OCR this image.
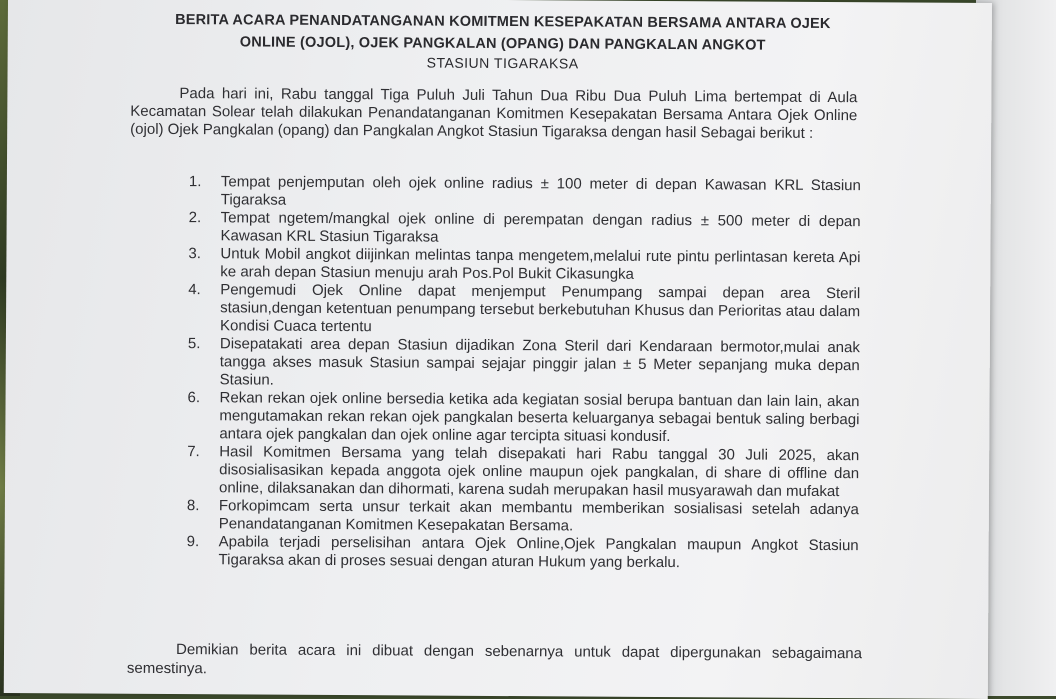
BERITA ACARA PENANDATANGANAN KOMITMEN KESEPAKATAN BERSAMA ANTARA OJEK
ONLINE (OJOL), OJEK PANGKALAN (OPANG) DAN PANGKALAN ANGKOT
STASIUN TIGARAKSA
Pada hari ini, Rabu tanggal Tiga Puluh Juli Tahun Dua Ribu Dua Puluh Lima bertempat di Aula Kecamatan Solear telah dilakukan Penandatanganan Komitmen Kesepakatan Bersama Antara Ojek Online (ojol) Ojek Pangkalan (opang) dan Pangkalan Angkot Stasiun Tigaraksa dengan hasil Sebagai berikut :
1. Tempat penjemputan oleh ojek online radius ± 100 meter di depan Kawasan KRL Stasiun Tigaraksa
2. Tempat ngetem/mangkal ojek online di perempatan dengan radius ± 500 meter di depan Kawasan KRL Stasiun Tigaraksa
3. Untuk Mobil angkot diijinkan melintas tanpa mengetem,melalui rute pintu perlintasan kereta Api ke arah depan Stasiun menuju arah Pos.Pol Bukit Cikasungka
4. Pengemudi Ojek Online dapat menjemput Penumpang sampai depan area Steril stasiun,dengan ketentuan penumpang tersebut berkebutuhan Khusus dan Perioritas atau dalam Kondisi Cuaca tertentu
5. Disepatakati area depan Stasiun dijadikan Zona Steril dari Kendaraan bermotor,mulai anak tangga akses masuk Stasiun sampai sejajar pinggir jalan ± 5 Meter sepanjang muka depan Stasiun.
6. Rekan rekan ojek online bersedia ketika ada kegiatan sosial berupa bantuan dan lain lain, akan mengutamakan rekan rekan ojek pangkalan beserta keluarganya sebagai bentuk saling berbagi antara ojek pangkalan dan ojek online agar tercipta situasi kondusif.
7. Hasil Komitmen Bersama yang telah disepakati hari Rabu tanggal 30 Juli 2025, akan disosialisasikan kepada anggota ojek online maupun ojek pangkalan, di share di offline dan online, dilaksanakan dan dihormati, karena sudah merupakan hasil musyarawah dan mufakat
8. Forkopimcam serta unsur terkait akan membantu memberikan sosialisasi setelah adanya Penandatanganan Komitmen Kesepakatan Bersama.
9. Apabila terjadi perselisihan antara Ojek Online,Ojek Pangkalan maupun Angkot Stasiun Tigaraksa akan di proses sesuai dengan aturan Hukum yang berkalu.
Demikian berita acara ini dibuat dengan sebenarnya untuk dapat dipergunakan sebagaimana semestinya.
